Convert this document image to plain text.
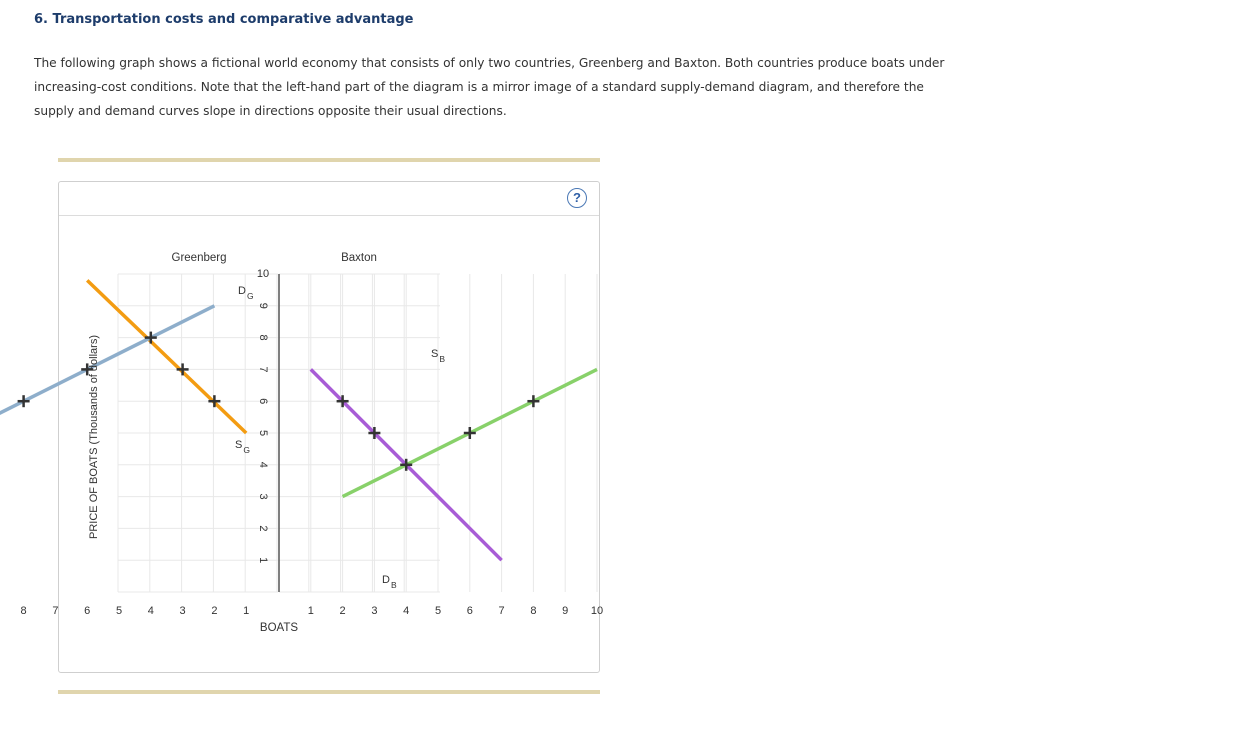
6. Transportation costs and comparative advantage
The following graph shows a fictional world economy that consists of only two countries, Greenberg and Baxton. Both countries produce boats under increasing-cost conditions. Note that the left-hand part of the diagram is a mirror image of a standard supply-demand diagram, and therefore the supply and demand curves slope in directions opposite their usual directions.
?
1
2
3
4
5
6
7
8
9
10
8 7 6 5 4 3 2 1	1 2 3 4 5 6 7 8 9 10
BOATS
PRICE OF BOATS (Thousands of dollars)
Greenberg	Baxton
$D_G$
$S_G$
$D_B$
$S_B$
